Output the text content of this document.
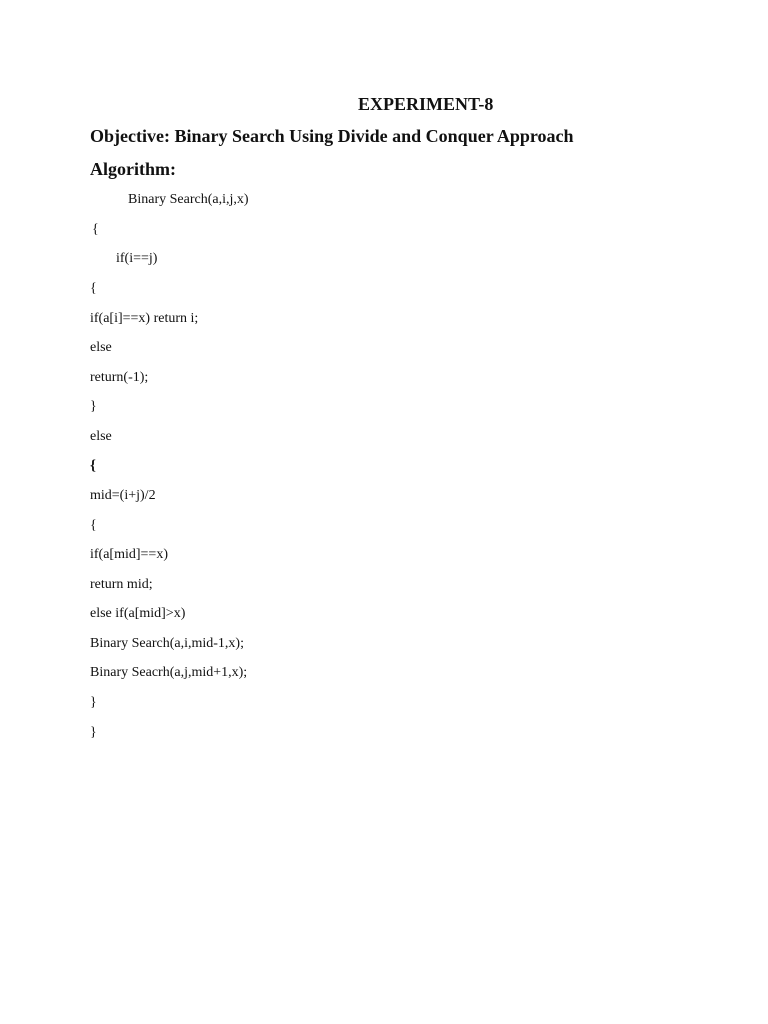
EXPERIMENT-8
Objective: Binary Search Using Divide and Conquer Approach
Algorithm:
Binary Search(a,i,j,x)
{
if(i==j)
{
if(a[i]==x) return i;
else
return(-1);
}
else
{
mid=(i+j)/2
{
if(a[mid]==x)
return mid;
else if(a[mid]>x)
Binary Search(a,i,mid-1,x);
Binary Seacrh(a,j,mid+1,x);
}
}
